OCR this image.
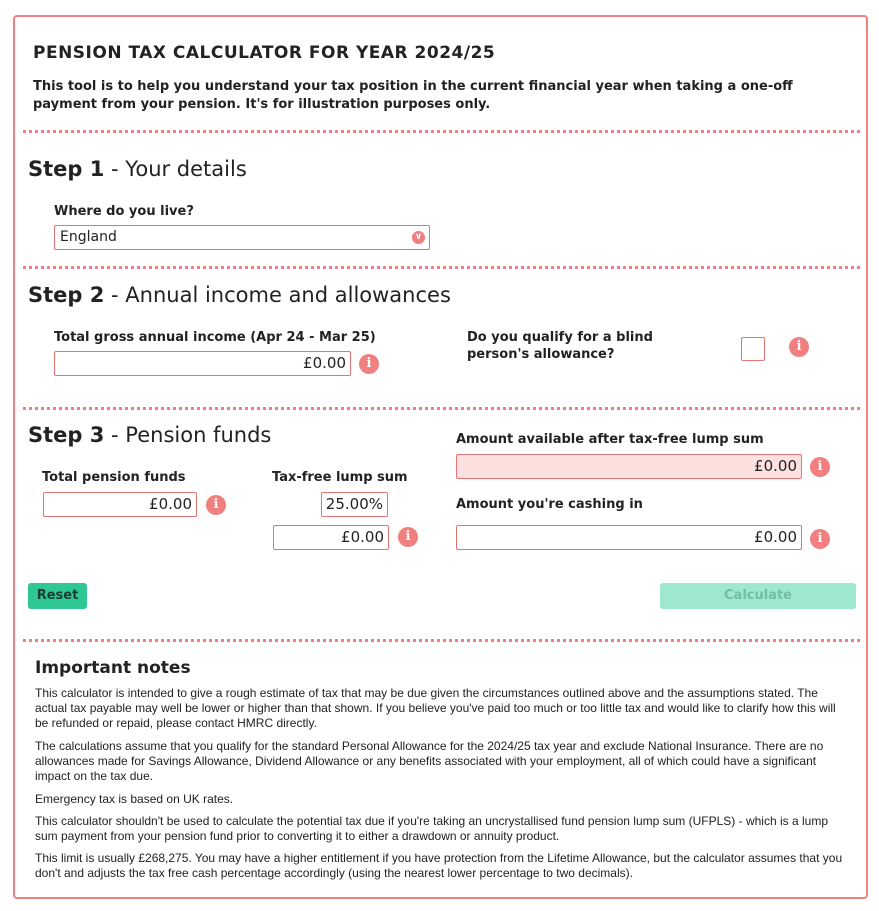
PENSION TAX CALCULATOR FOR YEAR 2024/25
This tool is to help you understand your tax position in the current financial year when taking a one-off payment from your pension. It's for illustration purposes only.
Step 1 - Your details
Where do you live?
England	∨
Step 2 - Annual income and allowances
Total gross annual income (Apr 24 - Mar 25)
£0.00	i
Do you qualify for a blind person's allowance?
i
Step 3 - Pension funds
Total pension funds
£0.00	i
Tax-free lump sum
25.00%
£0.00	i
Amount available after tax-free lump sum
£0.00	i
Amount you're cashing in
£0.00	i
Reset	Calculate
Important notes
This calculator is intended to give a rough estimate of tax that may be due given the circumstances outlined above and the assumptions stated. The actual tax payable may well be lower or higher than that shown. If you believe you've paid too much or too little tax and would like to clarify how this will be refunded or repaid, please contact HMRC directly.
The calculations assume that you qualify for the standard Personal Allowance for the 2024/25 tax year and exclude National Insurance. There are no allowances made for Savings Allowance, Dividend Allowance or any benefits associated with your employment, all of which could have a significant impact on the tax due.
Emergency tax is based on UK rates.
This calculator shouldn't be used to calculate the potential tax due if you're taking an uncrystallised fund pension lump sum (UFPLS) - which is a lump sum payment from your pension fund prior to converting it to either a drawdown or annuity product.
This limit is usually £268,275. You may have a higher entitlement if you have protection from the Lifetime Allowance, but the calculator assumes that you don't and adjusts the tax free cash percentage accordingly (using the nearest lower percentage to two decimals).
